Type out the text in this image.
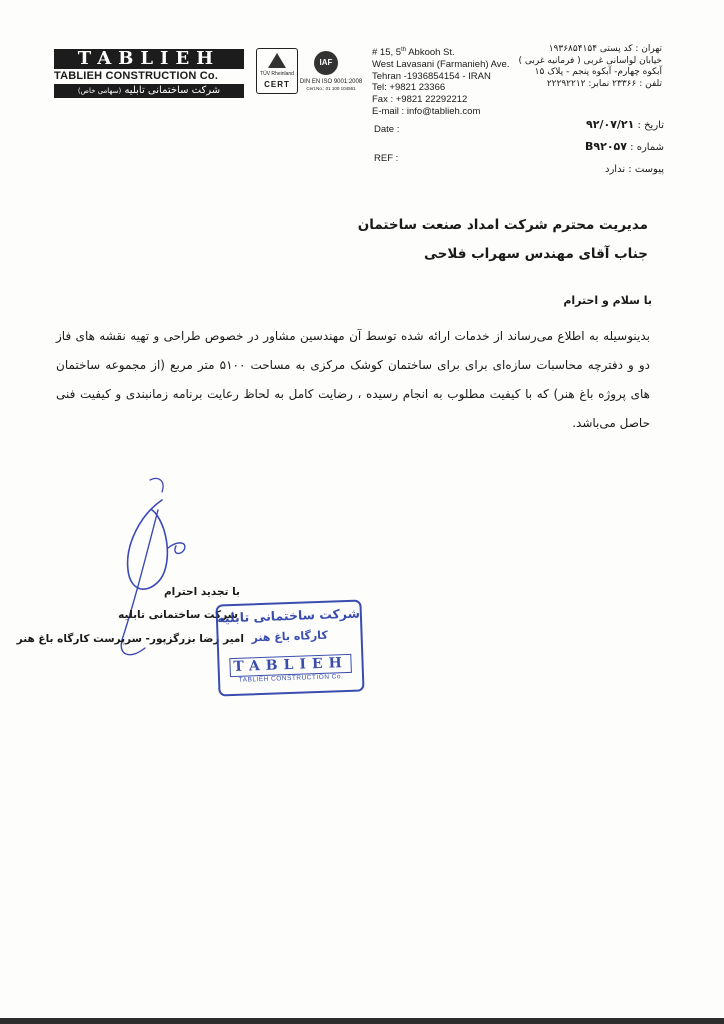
TABLIEH
TABLIEH CONSTRUCTION Co.
شرکت ساختمانی تابلیه (سهامی خاص)
TÜV Rheinland
CERT
IAF
DIN EN ISO 9001:2008
Cert.No.: 01 100 104561
# 15, 5th Abkooh St.
West Lavasani (Farmanieh) Ave.
Tehran -1936854154 - IRAN
Tel: +9821 23366
Fax : +9821 22292212
E-mail : info@tablieh.com
تهران : کد پستی ۱۹۳۶۸۵۴۱۵۴
خیابان لواسانی غربی ( فرمانیه غربی )
آبکوه چهارم- آبکوه پنجم - پلاک ۱۵
تلفن : ۲۳۳۶۶ نمابر: ۲۲۲۹۲۲۱۲
Date :
REF :
تاریخ : ۹۲/۰۷/۲۱
شماره : B۹۲۰۵۷
پیوست : ندارد
مدیریت محترم شرکت امداد صنعت ساختمان
جناب آقای مهندس سهراب فلاحی
با سلام و احترام
بدینوسیله به اطلاع می‌رساند از خدمات ارائه شده توسط آن مهندسین مشاور در خصوص طراحی و تهیه نقشه های فاز دو و دفترچه محاسبات سازه‌ای برای برای ساختمان کوشک مرکزی به مساحت ۵۱۰۰ متر مربع (از مجموعه ساختمان های پروژه باغ هنر) که با کیفیت مطلوب به انجام رسیده ، رضایت کامل به لحاظ رعایت برنامه زمانبندی و کیفیت فنی حاصل می‌باشد.
با تجدید احترام
شرکت ساختمانی تابلیه
امیر رضا بزرگزپور- سرپرست کارگاه باغ هنر
شرکت ساختمانی تابلیه
کارگاه باغ هنر
TABLIEH
TABLIEH CONSTRUCTION Co.
